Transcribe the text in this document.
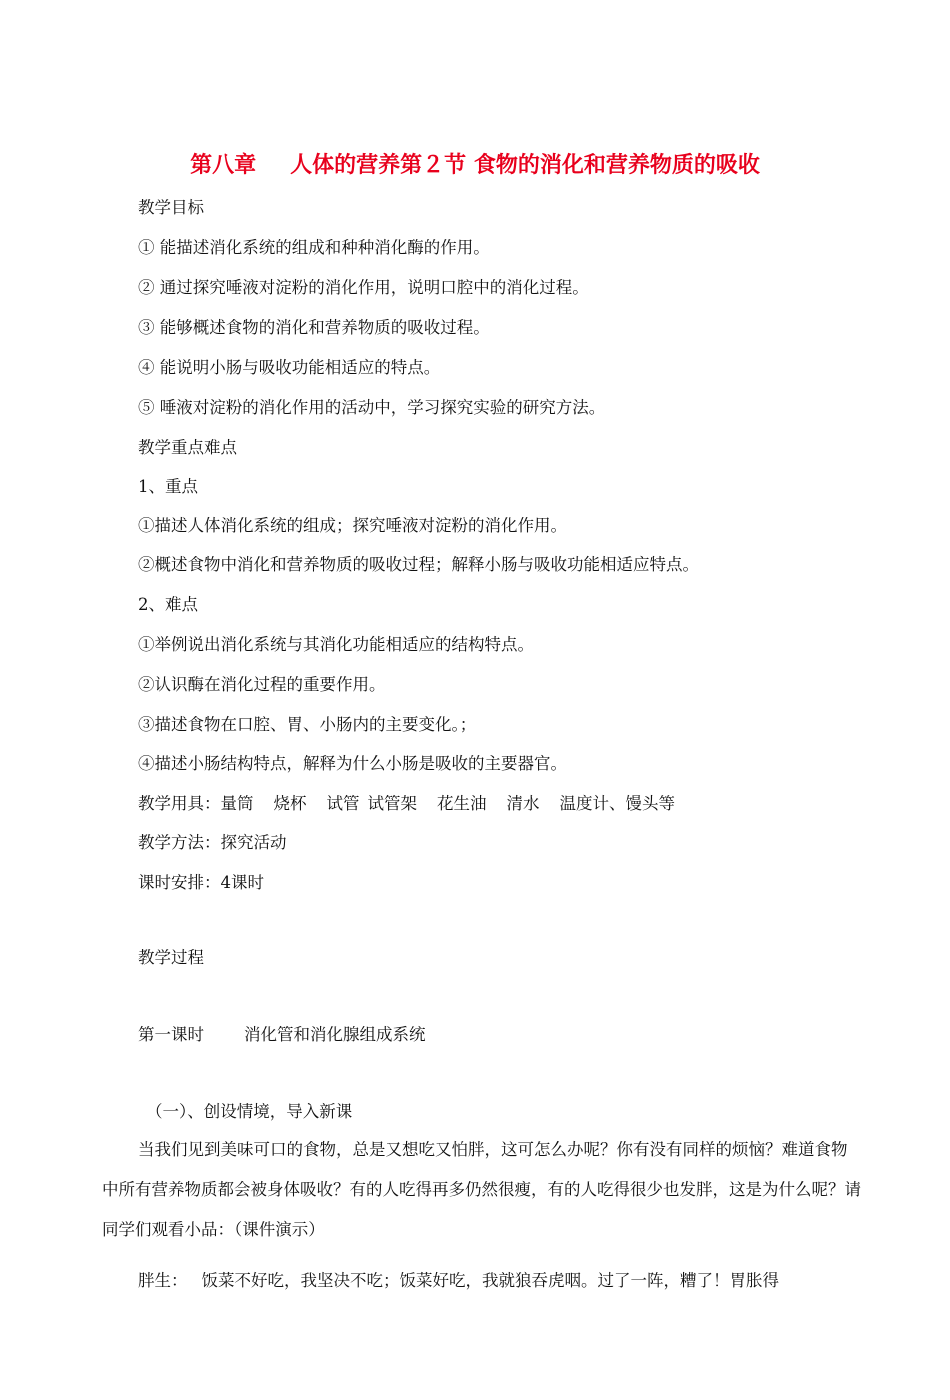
第八章 人体的营养第２节 食物的消化和营养物质的吸收
教学目标
① 能描述消化系统的组成和种种消化酶的作用。
② 通过探究唾液对淀粉的消化作用，说明口腔中的消化过程。
③ 能够概述食物的消化和营养物质的吸收过程。
④ 能说明小肠与吸收功能相适应的特点。
⑤ 唾液对淀粉的消化作用的活动中，学习探究实验的研究方法。
教学重点难点
1、重点
①描述人体消化系统的组成；探究唾液对淀粉的消化作用。
②概述食物中消化和营养物质的吸收过程；解释小肠与吸收功能相适应特点。
2、难点
①举例说出消化系统与其消化功能相适应的结构特点。
②认识酶在消化过程的重要作用。
③描述食物在口腔、胃、小肠内的主要变化。；
④描述小肠结构特点，解释为什么小肠是吸收的主要器官。
教学用具：量筒 烧杯 试管 试管架 花生油 清水 温度计、馒头等
教学方法：探究活动
课时安排：4课时
教学过程
第一课时 消化管和消化腺组成系统
（一）、创设情境，导入新课
当我们见到美味可口的食物，总是又想吃又怕胖，这可怎么办呢？你有没有同样的烦恼？难道食物中所有营养物质都会被身体吸收？有的人吃得再多仍然很瘦，有的人吃得很少也发胖，这是为什么呢？请同学们观看小品：（课件演示）
胖生： 饭菜不好吃，我坚决不吃；饭菜好吃，我就狼吞虎咽。过了一阵，糟了！胃胀得
